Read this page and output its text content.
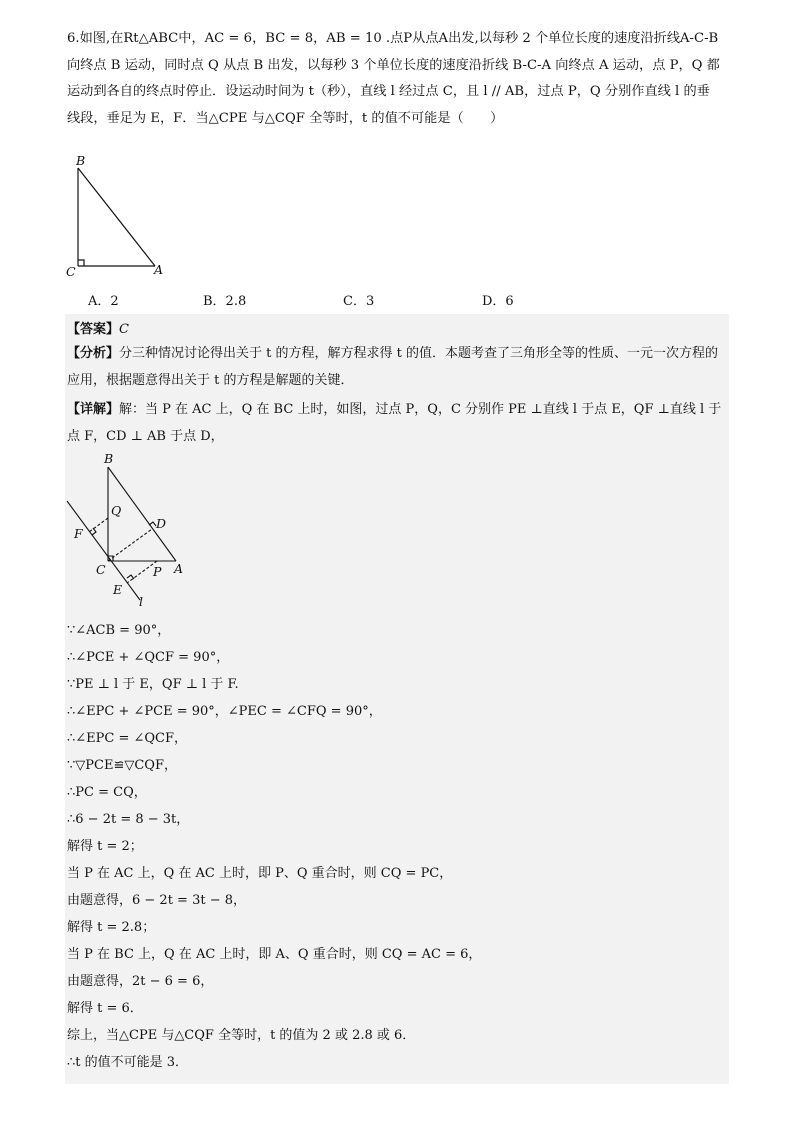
6.如图,在Rt△ABC中，AC = 6，BC = 8，AB = 10 .点P从点A出发,以每秒 2 个单位长度的速度沿折线A-C-B

向终点 B 运动，同时点 Q 从点 B 出发，以每秒 3 个单位长度的速度沿折线 B-C-A 向终点 A 运动，点 P，Q 都

运动到各自的终点时停止．设运动时间为 t（秒），直线 l 经过点 C，且 l // AB，过点 P，Q 分别作直线 l 的垂

线段，垂足为 E，F．当△CPE 与△CQF 全等时，t 的值不可能是（　　）

B
C	A
A．2	B．2.8	C．3	D．6
【答案】C
【分析】分三种情况讨论得出关于 t 的方程，解方程求得 t 的值．本题考查了三角形全等的性质、一元一次方程的应用，根据题意得出关于 t 的方程是解题的关键．
【详解】解：当 P 在 AC 上，Q 在 BC 上时，如图，过点 P，Q，C 分别作 PE ⊥直线 l 于点 E，QF ⊥直线 l 于点 F，CD ⊥ AB 于点 D，
B
Q
D
F
C	P A
E
l
∵∠ACB = 90°，
∴∠PCE + ∠QCF = 90°，
∵PE ⊥ l 于 E，QF ⊥ l 于 F.
∴∠EPC + ∠PCE = 90°，∠PEC = ∠CFQ = 90°，
∴∠EPC = ∠QCF，
∵▽PCE≌▽CQF，
∴PC = CQ，
∴6 − 2t = 8 − 3t，
解得 t = 2；
当 P 在 AC 上，Q 在 AC 上时，即 P、Q 重合时，则 CQ = PC，
由题意得，6 − 2t = 3t − 8，
解得 t = 2.8；
当 P 在 BC 上，Q 在 AC 上时，即 A、Q 重合时，则 CQ = AC = 6，
由题意得，2t − 6 = 6，
解得 t = 6．
综上，当△CPE 与△CQF 全等时，t 的值为 2 或 2.8 或 6．
∴t 的值不可能是 3．
